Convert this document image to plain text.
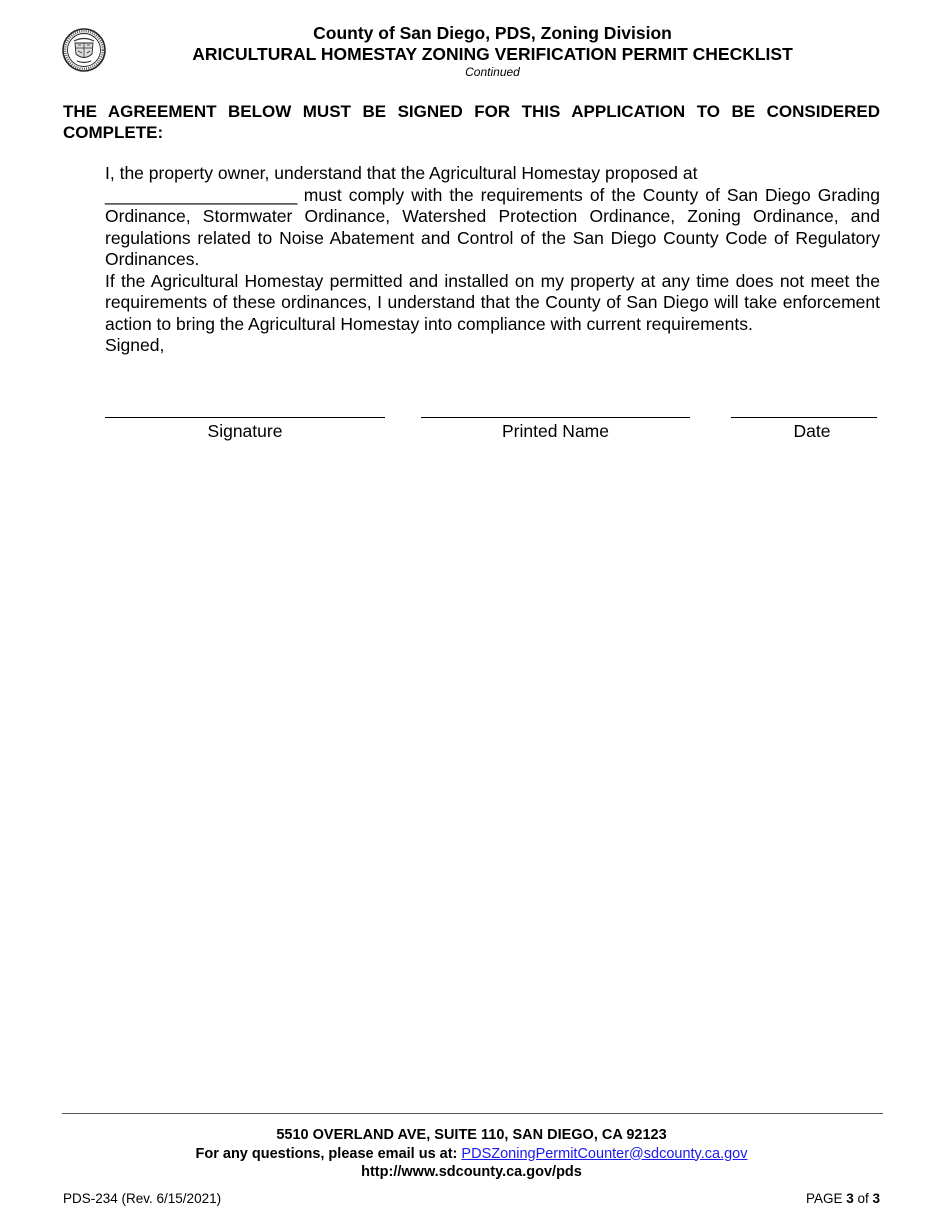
County of San Diego, PDS, Zoning Division
ARICULTURAL HOMESTAY ZONING VERIFICATION PERMIT CHECKLIST
Continued
THE AGREEMENT BELOW MUST BE SIGNED FOR THIS APPLICATION TO BE CONSIDERED COMPLETE:

I, the property owner, understand that the Agricultural Homestay proposed at
_____________________ must comply with the requirements of the County of San Diego Grading Ordinance, Stormwater Ordinance, Watershed Protection Ordinance, Zoning Ordinance, and regulations related to Noise Abatement and Control of the San Diego County Code of Regulatory Ordinances.

If the Agricultural Homestay permitted and installed on my property at any time does not meet the requirements of these ordinances, I understand that the County of San Diego will take enforcement action to bring the Agricultural Homestay into compliance with current requirements.

Signed,

Signature	Printed Name	Date
5510 OVERLAND AVE, SUITE 110, SAN DIEGO, CA 92123
For any questions, please email us at: PDSZoningPermitCounter@sdcounty.ca.gov
http://www.sdcounty.ca.gov/pds
PDS-234 (Rev. 6/15/2021)	PAGE 3 of 3
